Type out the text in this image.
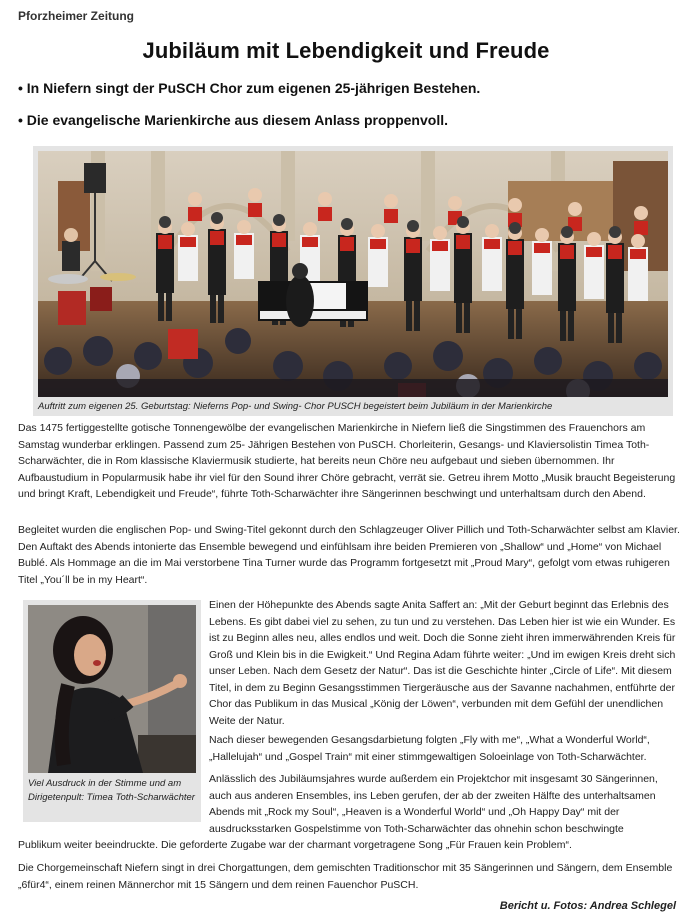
Pforzheimer Zeitung
Jubiläum mit Lebendigkeit und Freude
• In Niefern singt der PuSCH Chor zum eigenen 25-jährigen Bestehen.
• Die evangelische Marienkirche aus diesem Anlass proppenvoll.
Auftritt zum eigenen 25. Geburtstag: Nieferns Pop- und Swing- Chor PUSCH begeistert beim Jubiläum in der Marienkirche

Das 1475 fertiggestellte gotische Tonnengewölbe der evangelischen Marienkirche in Niefern ließ die Singstimmen des Frauenchors am Samstag wunderbar erklingen. Passend zum 25- Jährigen Bestehen von PuSCH. Chorleiterin, Gesangs- und Klaviersolistin Timea Toth-Scharwächter, die in Rom klassische Klaviermusik studierte, hat bereits neun Chöre neu aufgebaut und sieben übernommen. Ihr Aufbaustudium in Popularmusik habe ihr viel für den Sound ihrer Chöre gebracht, verrät sie. Getreu ihrem Motto „Musik braucht Begeisterung und bringt Kraft, Lebendigkeit und Freude“, führte Toth-Scharwächter ihre Sängerinnen beschwingt und unterhaltsam durch den Abend.

Begleitet wurden die englischen Pop- und Swing-Titel gekonnt durch den Schlagzeuger Oliver Pillich und Toth-Scharwächter selbst am Klavier. Den Auftakt des Abends intonierte das Ensemble bewegend und einfühlsam ihre beiden Premieren von „Shallow“ und „Home“ von Michael Bublé. Als Hommage an die im Mai verstorbene Tina Turner wurde das Programm fortgesetzt mit „Proud Mary“, gefolgt vom etwas ruhigeren Titel „You´ll be in my Heart“.

Viel Ausdruck in der Stimme und am Dirigetenpult: Timea Toth-Scharwächter

Einen der Höhepunkte des Abends sagte Anita Saffert an: „Mit der Geburt beginnt das Erlebnis des Lebens. Es gibt dabei viel zu sehen, zu tun und zu verstehen. Das Leben hier ist wie ein Wunder. Es ist zu Beginn alles neu, alles endlos und weit. Doch die Sonne zieht ihren immerwährenden Kreis für Groß und Klein bis in die Ewigkeit.“ Und Regina Adam führte weiter: „Und im ewigen Kreis dreht sich unser Leben. Nach dem Gesetz der Natur“. Das ist die Geschichte hinter „Circle of Life“. Mit diesem Titel, in dem zu Beginn Gesangsstimmen Tiergeräusche aus der Savanne nachahmen, entführte der Chor das Publikum in das Musical „König der Löwen“, verbunden mit dem Gefühl der unendlichen Weite der Natur.

Nach dieser bewegenden Gesangsdarbietung folgten „Fly with me“, „What a Wonderful World“, „Hallelujah“ und „Gospel Train“ mit einer stimmgewaltigen Soloeinlage von Toth-Scharwächter.

Anlässlich des Jubiläumsjahres wurde außerdem ein Projektchor mit insgesamt 30 Sängerinnen, auch aus anderen Ensembles, ins Leben gerufen, der ab der zweiten Hälfte des unterhaltsamen Abends mit „Rock my Soul“, „Heaven is a Wonderful World“ und „Oh Happy Day“ mit der ausdrucksstarken Gospelstimme von Toth-Scharwächter das ohnehin schon beschwingte

Publikum weiter beeindruckte. Die geforderte Zugabe war der charmant vorgetragene Song „Für Frauen kein Problem“.

Die Chorgemeinschaft Niefern singt in drei Chorgattungen, dem gemischten Traditionschor mit 35 Sängerinnen und Sängern, dem Ensemble „6für4“, einem reinen Männerchor mit 15 Sängern und dem reinen Fauenchor PuSCH.

Bericht u. Fotos: Andrea Schlegel
